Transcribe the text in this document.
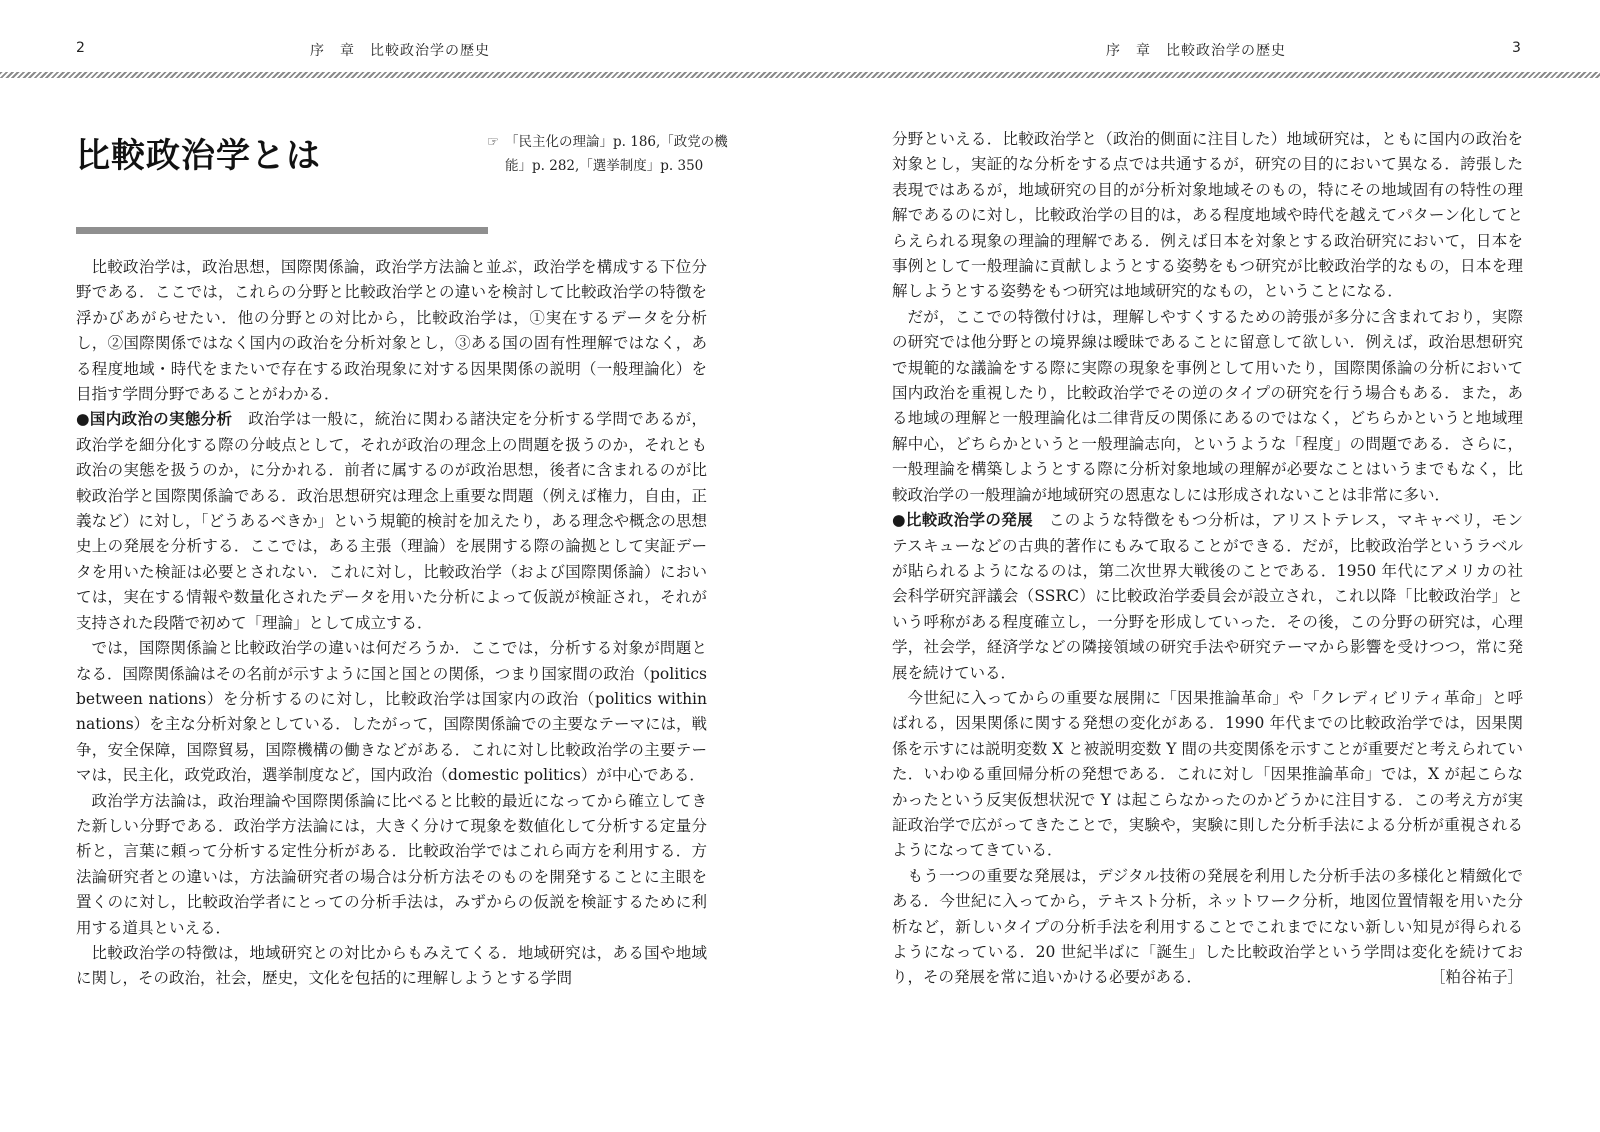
2	序　章　比較政治学の歴史	序　章　比較政治学の歴史	3
比較政治学とは	☞ 「民主化の理論」p. 186,「政党の機能」p. 282,「選挙制度」p. 350

比較政治学は，政治思想，国際関係論，政治学方法論と並ぶ，政治学を構成する下位分野である．ここでは，これらの分野と比較政治学との違いを検討して比較政治学の特徴を浮かびあがらせたい．他の分野との対比から，比較政治学は，①実在するデータを分析し，②国際関係ではなく国内の政治を分析対象とし，③ある国の固有性理解ではなく，ある程度地域・時代をまたいで存在する政治現象に対する因果関係の説明（一般理論化）を目指す学問分野であることがわかる．

●国内政治の実態分析　政治学は一般に，統治に関わる諸決定を分析する学問であるが，政治学を細分化する際の分岐点として，それが政治の理念上の問題を扱うのか，それとも政治の実態を扱うのか，に分かれる．前者に属するのが政治思想，後者に含まれるのが比較政治学と国際関係論である．政治思想研究は理念上重要な問題（例えば権力，自由，正義など）に対し，「どうあるべきか」という規範的検討を加えたり，ある理念や概念の思想史上の発展を分析する．ここでは，ある主張（理論）を展開する際の論拠として実証データを用いた検証は必要とされない．これに対し，比較政治学（および国際関係論）においては，実在する情報や数量化されたデータを用いた分析によって仮説が検証され，それが支持された段階で初めて「理論」として成立する．

では，国際関係論と比較政治学の違いは何だろうか．ここでは，分析する対象が問題となる．国際関係論はその名前が示すように国と国との関係，つまり国家間の政治（politics between nations）を分析するのに対し，比較政治学は国家内の政治（politics within nations）を主な分析対象としている．したがって，国際関係論での主要なテーマには，戦争，安全保障，国際貿易，国際機構の働きなどがある．これに対し比較政治学の主要テーマは，民主化，政党政治，選挙制度など，国内政治（domestic politics）が中心である．

政治学方法論は，政治理論や国際関係論に比べると比較的最近になってから確立してきた新しい分野である．政治学方法論には，大きく分けて現象を数値化して分析する定量分析と，言葉に頼って分析する定性分析がある．比較政治学ではこれら両方を利用する．方法論研究者との違いは，方法論研究者の場合は分析方法そのものを開発することに主眼を置くのに対し，比較政治学者にとっての分析手法は，みずからの仮説を検証するために利用する道具といえる．

比較政治学の特徴は，地域研究との対比からもみえてくる．地域研究は，ある国や地域に関し，その政治，社会，歴史，文化を包括的に理解しようとする学問

分野といえる．比較政治学と（政治的側面に注目した）地域研究は，ともに国内の政治を対象とし，実証的な分析をする点では共通するが，研究の目的において異なる．誇張した表現ではあるが，地域研究の目的が分析対象地域そのもの，特にその地域固有の特性の理解であるのに対し，比較政治学の目的は，ある程度地域や時代を越えてパターン化してとらえられる現象の理論的理解である．例えば日本を対象とする政治研究において，日本を事例として一般理論に貢献しようとする姿勢をもつ研究が比較政治学的なもの，日本を理解しようとする姿勢をもつ研究は地域研究的なもの，ということになる．

だが，ここでの特徴付けは，理解しやすくするための誇張が多分に含まれており，実際の研究では他分野との境界線は曖昧であることに留意して欲しい．例えば，政治思想研究で規範的な議論をする際に実際の現象を事例として用いたり，国際関係論の分析において国内政治を重視したり，比較政治学でその逆のタイプの研究を行う場合もある．また，ある地域の理解と一般理論化は二律背反の関係にあるのではなく，どちらかというと地域理解中心，どちらかというと一般理論志向，というような「程度」の問題である．さらに，一般理論を構築しようとする際に分析対象地域の理解が必要なことはいうまでもなく，比較政治学の一般理論が地域研究の恩恵なしには形成されないことは非常に多い．

●比較政治学の発展　このような特徴をもつ分析は，アリストテレス，マキャベリ，モンテスキューなどの古典的著作にもみて取ることができる．だが，比較政治学というラベルが貼られるようになるのは，第二次世界大戦後のことである．1950 年代にアメリカの社会科学研究評議会（SSRC）に比較政治学委員会が設立され，これ以降「比較政治学」という呼称がある程度確立し，一分野を形成していった．その後，この分野の研究は，心理学，社会学，経済学などの隣接領域の研究手法や研究テーマから影響を受けつつ，常に発展を続けている．

今世紀に入ってからの重要な展開に「因果推論革命」や「クレディビリティ革命」と呼ばれる，因果関係に関する発想の変化がある．1990 年代までの比較政治学では，因果関係を示すには説明変数 X と被説明変数 Y 間の共変関係を示すことが重要だと考えられていた．いわゆる重回帰分析の発想である．これに対し「因果推論革命」では，X が起こらなかったという反実仮想状況で Y は起こらなかったのかどうかに注目する．この考え方が実証政治学で広がってきたことで，実験や，実験に則した分析手法による分析が重視されるようになってきている．

もう一つの重要な発展は，デジタル技術の発展を利用した分析手法の多様化と精緻化である．今世紀に入ってから，テキスト分析，ネットワーク分析，地図位置情報を用いた分析など，新しいタイプの分析手法を利用することでこれまでにない新しい知見が得られるようになっている．20 世紀半ばに「誕生」した比較政治学という学問は変化を続けており，その発展を常に追いかける必要がある．	［粕谷祐子］
